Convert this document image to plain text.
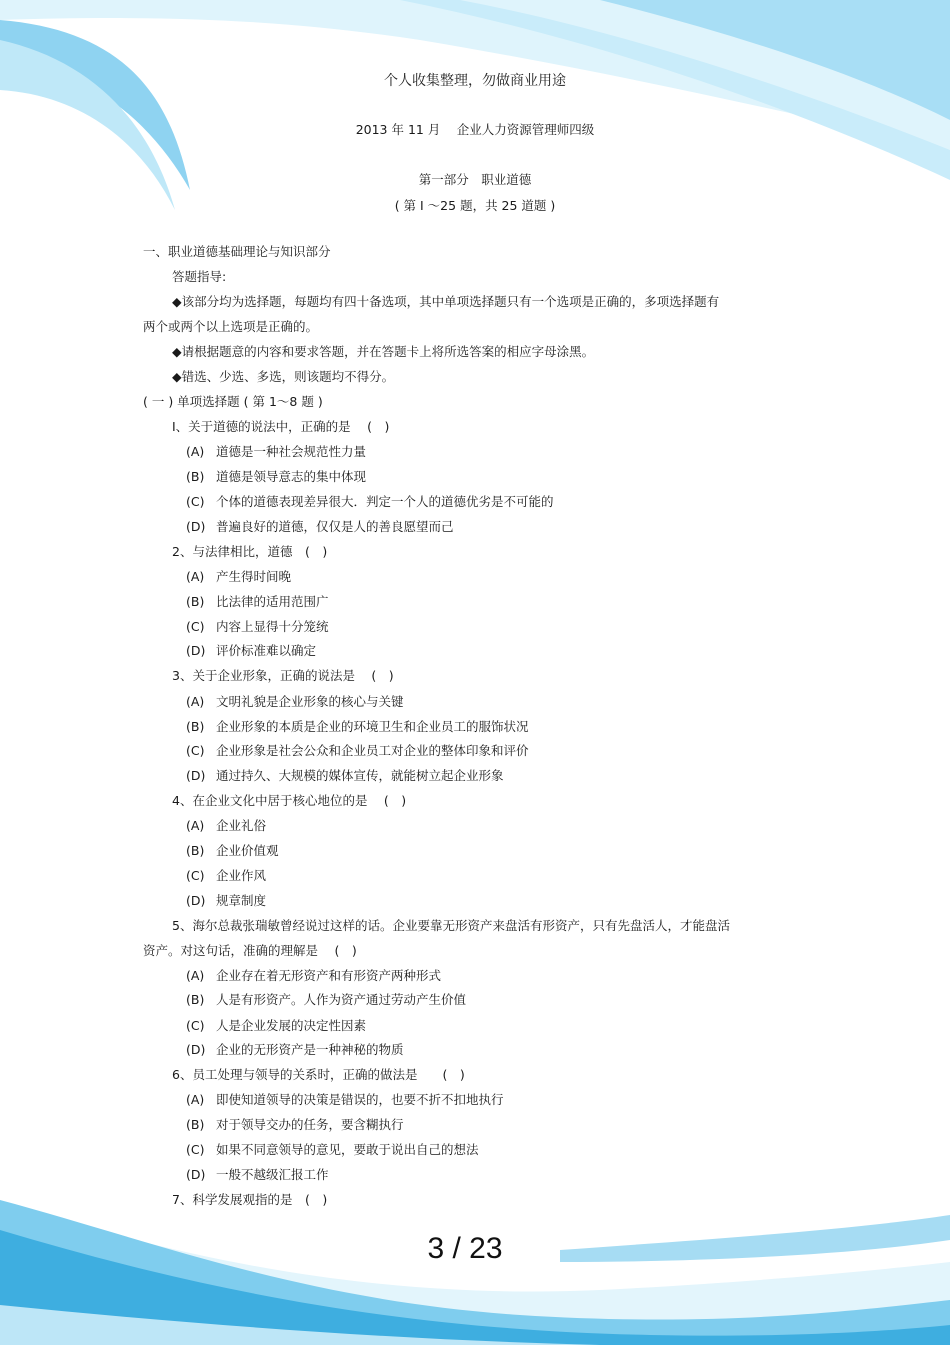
个人收集整理，勿做商业用途
2013 年 11 月　 企业人力资源管理师四级
第一部分　职业道德
( 第 I ～25 题，共 25 道题 )
一、职业道德基础理论与知识部分
答题指导:
◆该部分均为选择题，每题均有四十备选项，其中单项选择题只有一个选项是正确的，多项选择题有
两个或两个以上选项是正确的。
◆请根据题意的内容和要求答题，并在答题卡上将所选答案的相应字母涂黑。
◆错选、少选、多选，则该题均不得分。
( 一 ) 单项选择题 ( 第 1～8 题 )
I、关于道德的说法中，正确的是　 (　)
(A) 道德是一种社会规范性力量
(B) 道德是领导意志的集中体现
(C) 个体的道德表现差异很大．判定一个人的道德优劣是不可能的
(D) 普遍良好的道德，仅仅是人的善良愿望而己
2、与法律相比，道德　(　)
(A) 产生得时间晚
(B) 比法律的适用范围广
(C) 内容上显得十分笼统
(D) 评价标准难以确定
3、关于企业形象，正确的说法是　 (　)
(A) 文明礼貌是企业形象的核心与关键
(B) 企业形象的本质是企业的环境卫生和企业员工的服饰状况
(C) 企业形象是社会公众和企业员工对企业的整体印象和评价
(D) 通过持久、大规模的媒体宣传，就能树立起企业形象
4、在企业文化中居于核心地位的是　 (　)
(A) 企业礼俗
(B) 企业价值观
(C) 企业作风
(D) 规章制度
5、海尔总裁张瑞敏曾经说过这样的话。企业要靠无形资产来盘活有形资产，只有先盘活人，才能盘活
资产。对这句话，准确的理解是　 (　)
(A) 企业存在着无形资产和有形资产两种形式
(B) 人是有形资产。人作为资产通过劳动产生价值
(C) 人是企业发展的决定性因素
(D) 企业的无形资产是一种神秘的物质
6、员工处理与领导的关系时，正确的做法是　　(　)
(A) 即使知道领导的决策是错误的，也要不折不扣地执行
(B) 对于领导交办的任务，要含糊执行
(C) 如果不同意领导的意见，要敢于说出自己的想法
(D) 一般不越级汇报工作
7、科学发展观指的是　(　)
3 / 23
